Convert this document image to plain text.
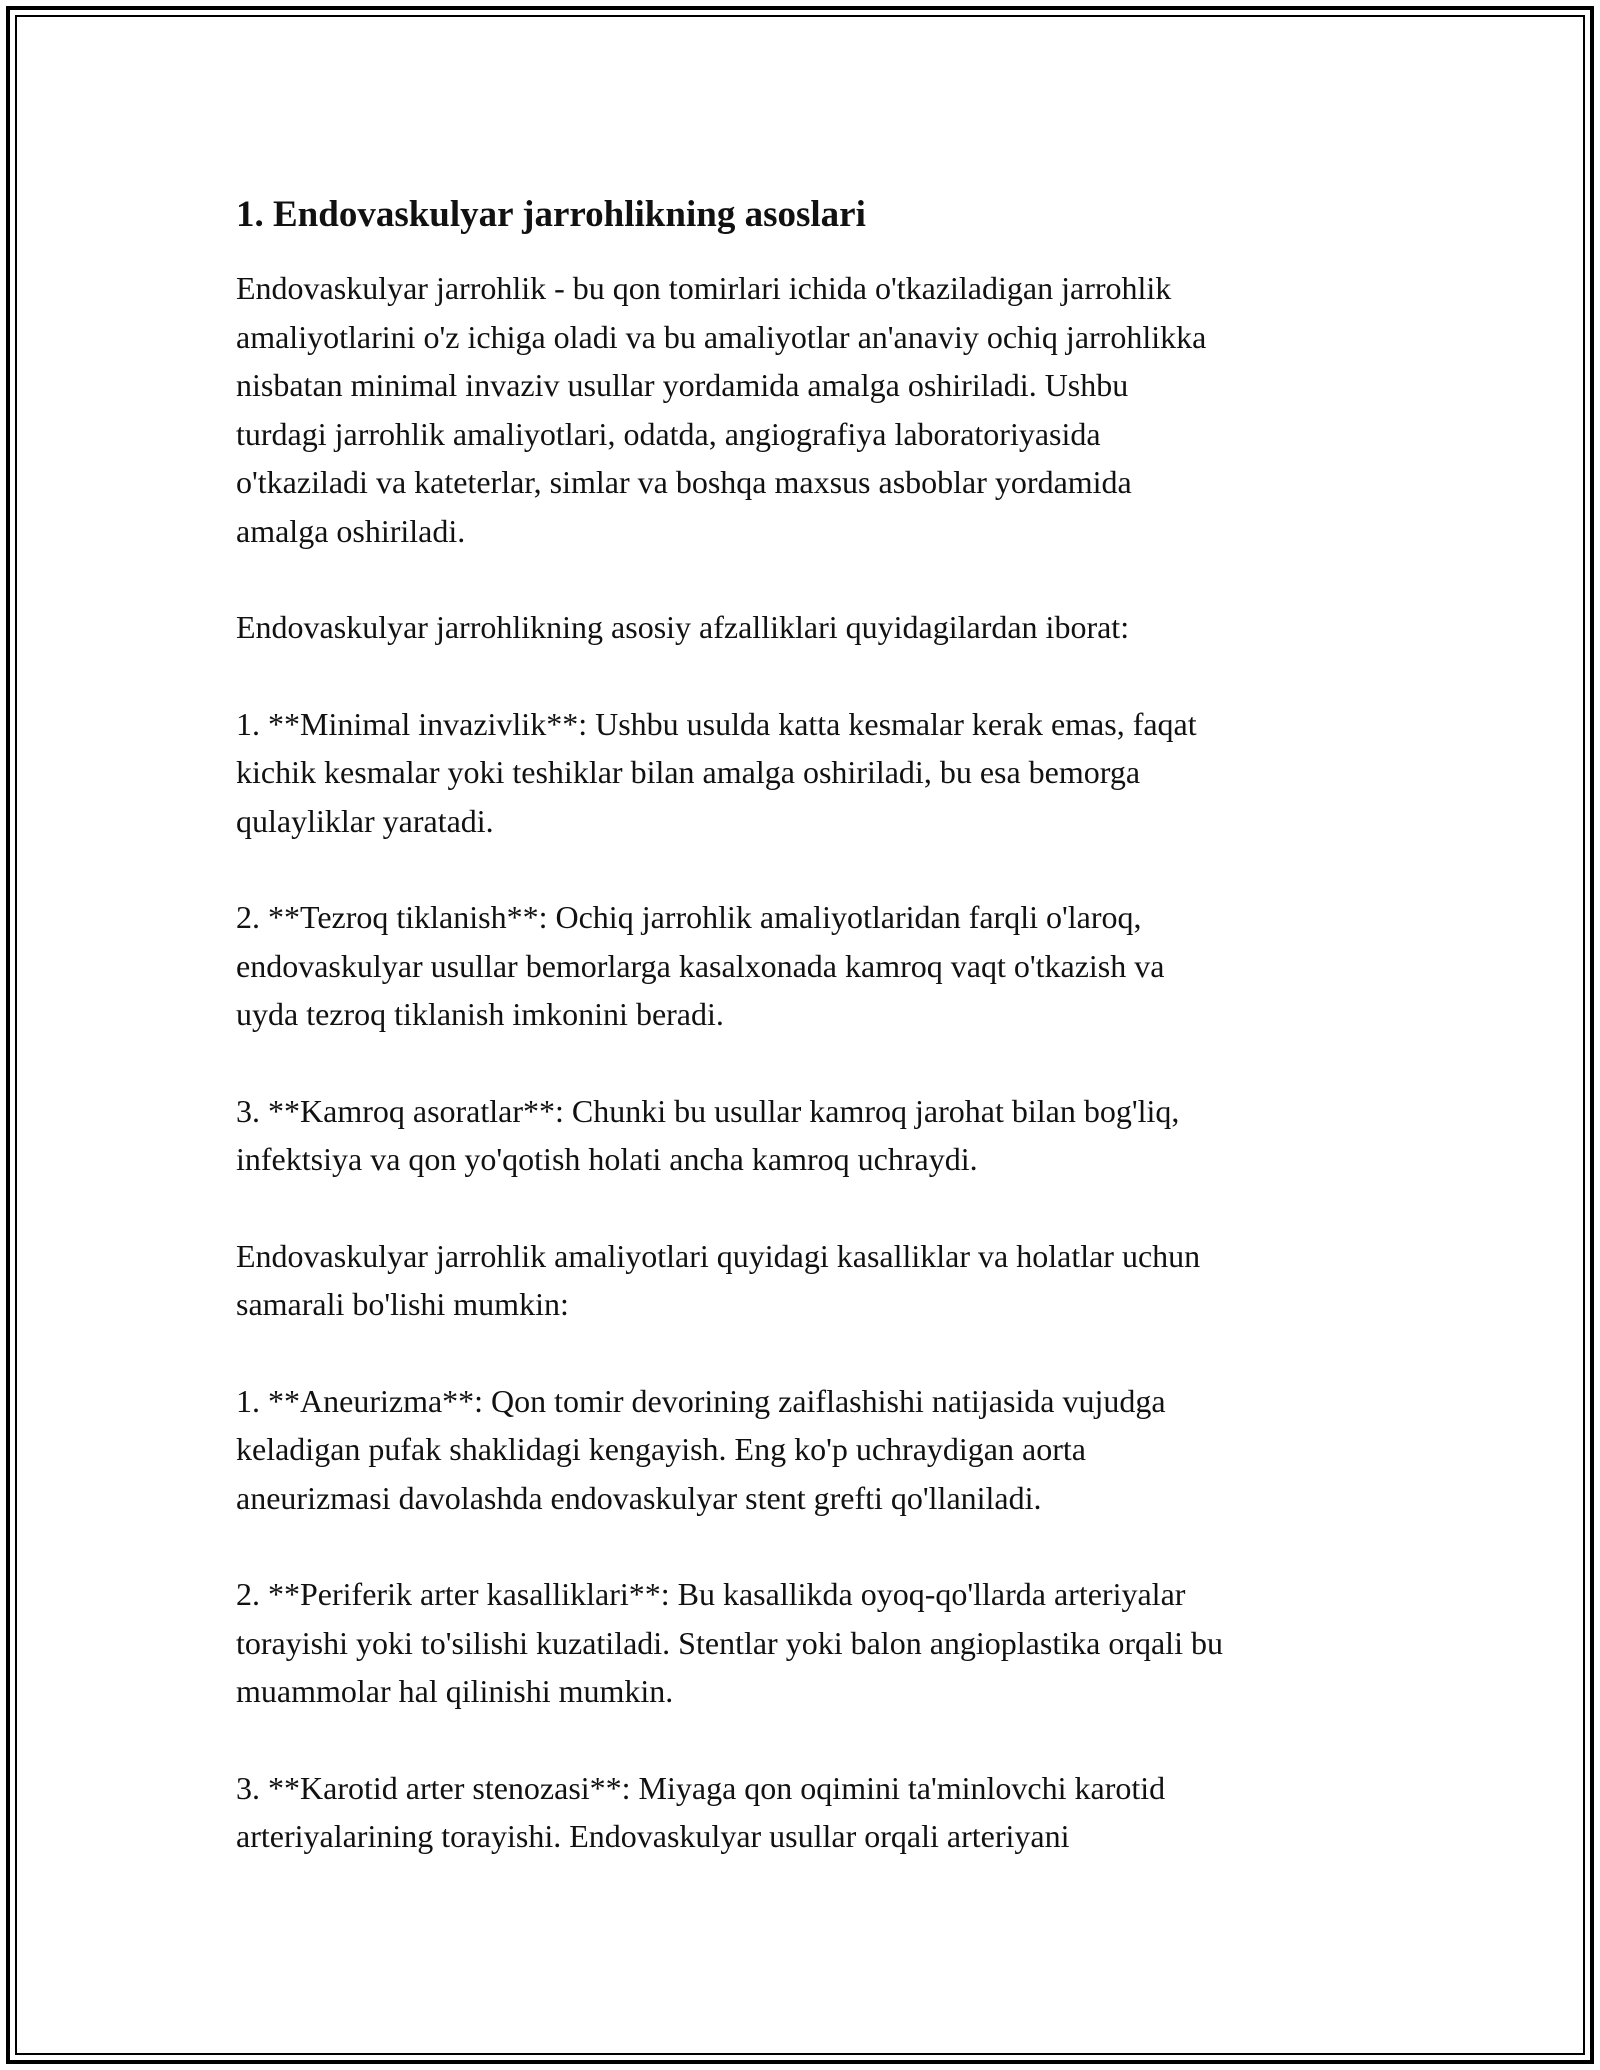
1. Endovaskulyar jarrohlikning asoslari

Endovaskulyar jarrohlik - bu qon tomirlari ichida o'tkaziladigan jarrohlik
amaliyotlarini o'z ichiga oladi va bu amaliyotlar an'anaviy ochiq jarrohlikka
nisbatan minimal invaziv usullar yordamida amalga oshiriladi. Ushbu
turdagi jarrohlik amaliyotlari, odatda, angiografiya laboratoriyasida
o'tkaziladi va kateterlar, simlar va boshqa maxsus asboblar yordamida
amalga oshiriladi.

Endovaskulyar jarrohlikning asosiy afzalliklari quyidagilardan iborat:

1. **Minimal invazivlik**: Ushbu usulda katta kesmalar kerak emas, faqat
kichik kesmalar yoki teshiklar bilan amalga oshiriladi, bu esa bemorga
qulayliklar yaratadi.

2. **Tezroq tiklanish**: Ochiq jarrohlik amaliyotlaridan farqli o'laroq,
endovaskulyar usullar bemorlarga kasalxonada kamroq vaqt o'tkazish va
uyda tezroq tiklanish imkonini beradi.

3. **Kamroq asoratlar**: Chunki bu usullar kamroq jarohat bilan bog'liq,
infektsiya va qon yo'qotish holati ancha kamroq uchraydi.

Endovaskulyar jarrohlik amaliyotlari quyidagi kasalliklar va holatlar uchun
samarali bo'lishi mumkin:

1. **Aneurizma**: Qon tomir devorining zaiflashishi natijasida vujudga
keladigan pufak shaklidagi kengayish. Eng ko'p uchraydigan aorta
aneurizmasi davolashda endovaskulyar stent grefti qo'llaniladi.

2. **Periferik arter kasalliklari**: Bu kasallikda oyoq-qo'llarda arteriyalar
torayishi yoki to'silishi kuzatiladi. Stentlar yoki balon angioplastika orqali bu
muammolar hal qilinishi mumkin.

3. **Karotid arter stenozasi**: Miyaga qon oqimini ta'minlovchi karotid
arteriyalarining torayishi. Endovaskulyar usullar orqali arteriyani
